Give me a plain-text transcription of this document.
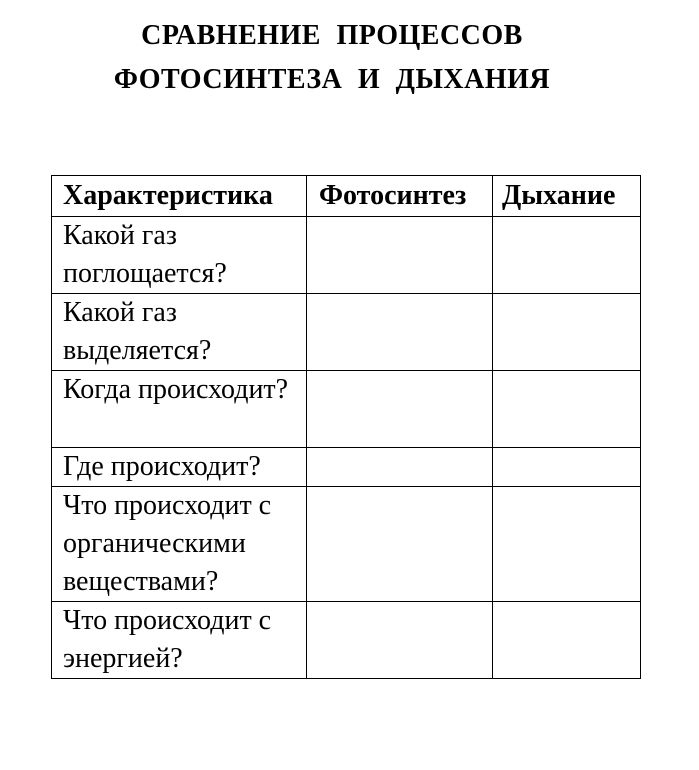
СРАВНЕНИЕ ПРОЦЕССОВ
ФОТОСИНТЕЗА И ДЫХАНИЯ
Характеристика	Фотосинтез	Дыхание
Какой газ поглощается?		
Какой газ выделяется?		
Когда происходит?		
Где происходит?		
Что происходит с органическими веществами?		
Что происходит с энергией?		
